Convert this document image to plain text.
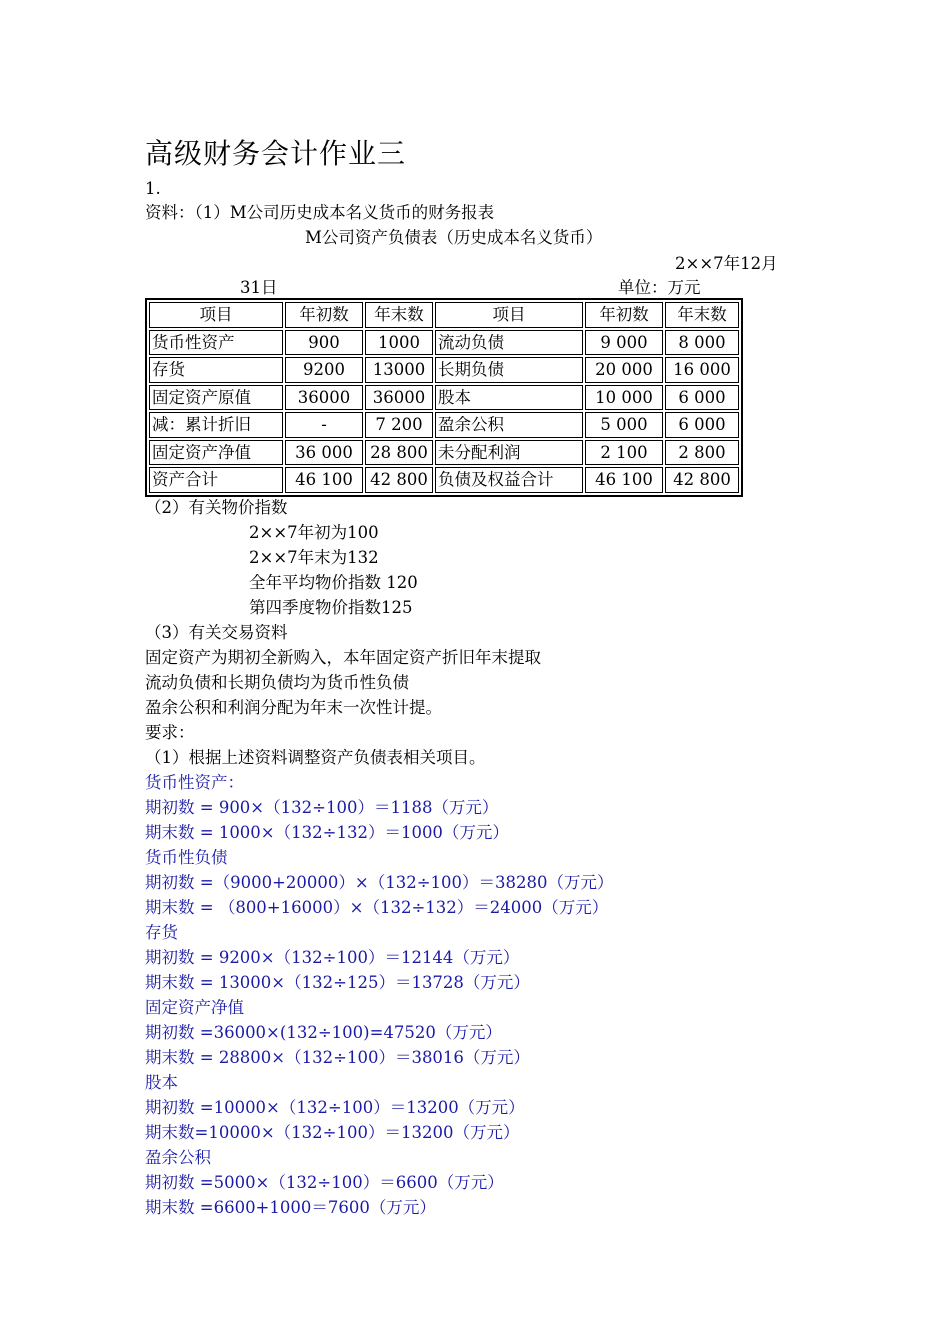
高级财务会计作业三
1.
资料：（1）M公司历史成本名义货币的财务报表
M公司资产负债表（历史成本名义货币）
2××7年12月
31日	单位：万元
项目	年初数	年末数	项目	年初数	年末数
货币性资产	900	1000	流动负债	9 000	8 000
存货	9200	13000	长期负债	20 000	16 000
固定资产原值	36000	36000	股本	10 000	6 000
减：累计折旧	-	7 200	盈余公积	5 000	6 000
固定资产净值	36 000	28 800	未分配利润	2 100	2 800
资产合计	46 100	42 800	负债及权益合计	46 100	42 800
（2）有关物价指数
2××7年初为100
2××7年末为132
全年平均物价指数 120
第四季度物价指数125
（3）有关交易资料
固定资产为期初全新购入，本年固定资产折旧年末提取
流动负债和长期负债均为货币性负债
盈余公积和利润分配为年末一次性计提。
要求：
（1）根据上述资料调整资产负债表相关项目。
货币性资产：
期初数 = 900×（132÷100）＝1188（万元）
期末数 = 1000×（132÷132）＝1000（万元）
货币性负债
期初数 =（9000+20000）×（132÷100）＝38280（万元）
期末数 = （800+16000）×（132÷132）＝24000（万元）
存货
期初数 = 9200×（132÷100）＝12144（万元）
期末数 = 13000×（132÷125）＝13728（万元）
固定资产净值
期初数 =36000×(132÷100)=47520（万元）
期末数 = 28800×（132÷100）＝38016（万元）
股本
期初数 =10000×（132÷100）＝13200（万元）
期末数=10000×（132÷100）＝13200（万元）
盈余公积
期初数 =5000×（132÷100）＝6600（万元）
期末数 =6600+1000＝7600（万元）
